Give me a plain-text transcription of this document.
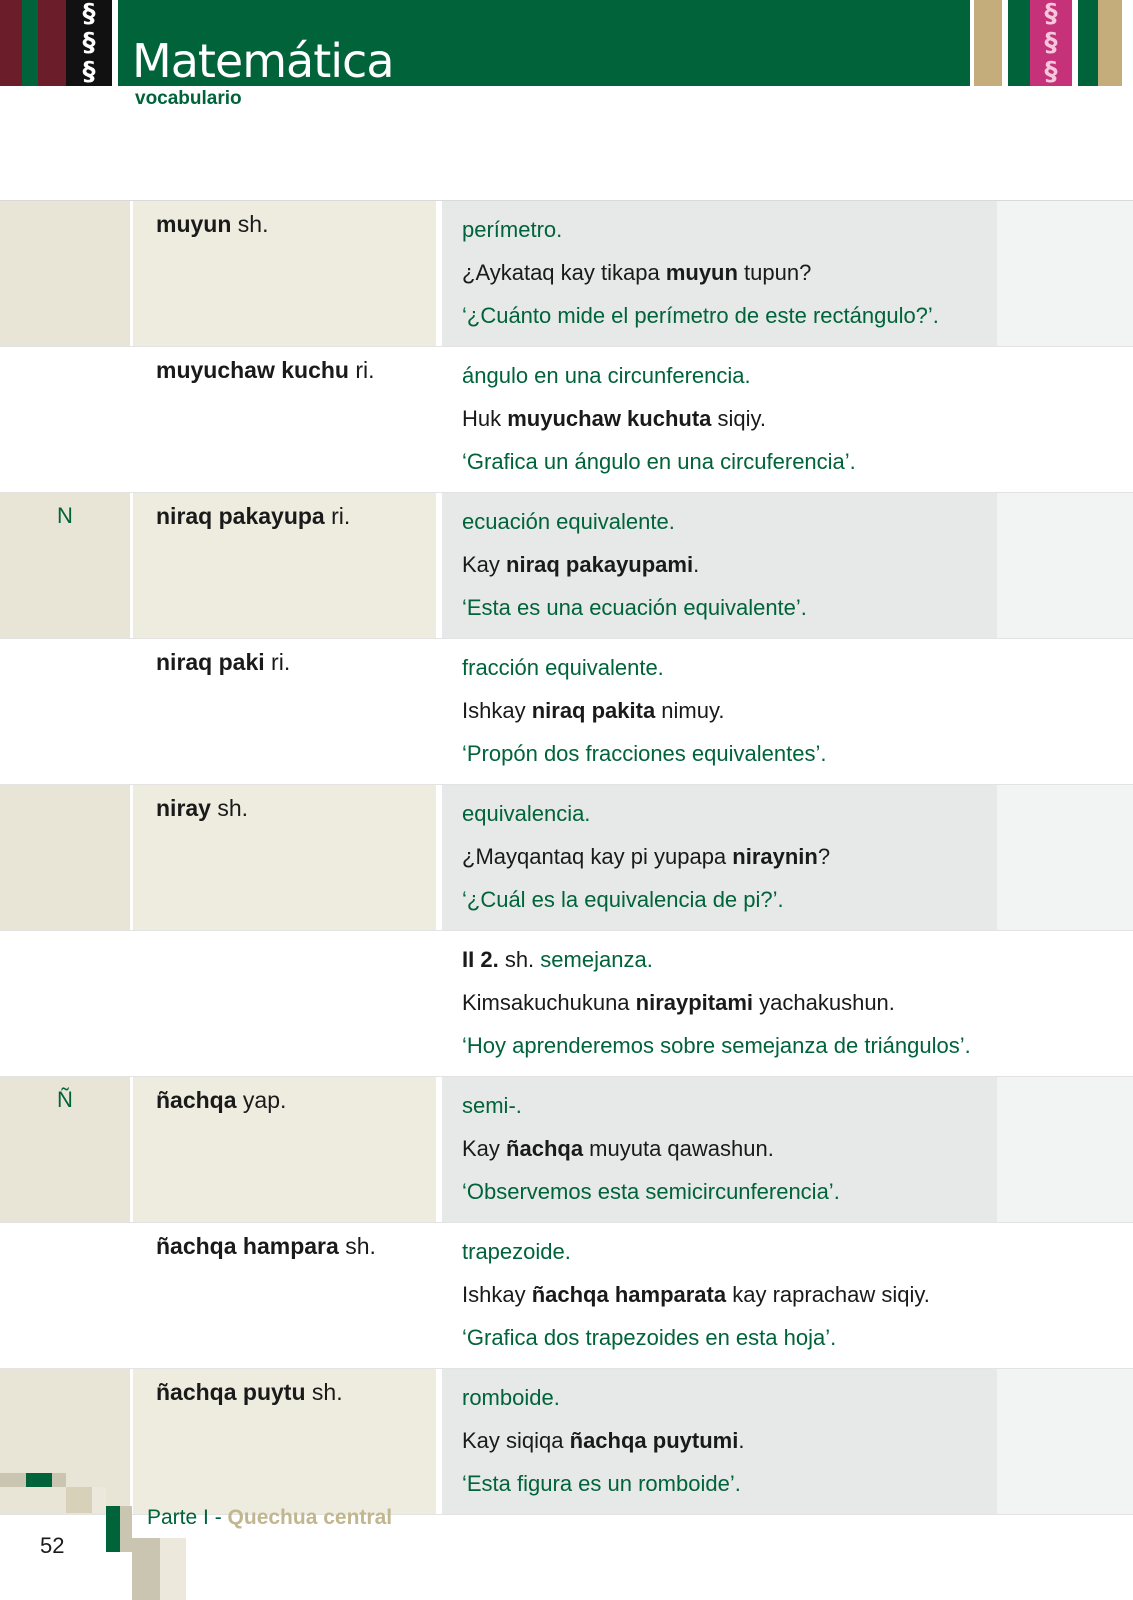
§
§
§ Matemática
§
§
§
vocabulario
muyun sh.	perímetro.

¿Aykataq kay tikapa muyun tupun?

‘¿Cuánto mide el perímetro de este rectángulo?’.

muyuchaw kuchu ri.	ángulo en una circunferencia.

Huk muyuchaw kuchuta siqiy.

‘Grafica un ángulo en una circuferencia’.

N	niraq pakayupa ri.	ecuación equivalente.

Kay niraq pakayupami.

‘Esta es una ecuación equivalente’.

niraq paki ri.	fracción equivalente.

Ishkay niraq pakita nimuy.

‘Propón dos fracciones equivalentes’.

niray sh.	equivalencia.

¿Mayqantaq kay pi yupapa niraynin?

‘¿Cuál es la equivalencia de pi?’.

II 2. sh. semejanza.

Kimsakuchukuna niraypitami yachakushun.

‘Hoy aprenderemos sobre semejanza de triángulos’.

Ñ	ñachqa yap.	semi-.

Kay ñachqa muyuta qawashun.

‘Observemos esta semicircunferencia’.

ñachqa hampara sh.	trapezoide.

Ishkay ñachqa hamparata kay raprachaw siqiy.

‘Grafica dos trapezoides en esta hoja’.

ñachqa puytu sh.	romboide.

Kay siqiqa ñachqa puytumi.

‘Esta figura es un romboide’.

52
Parte I - Quechua central
